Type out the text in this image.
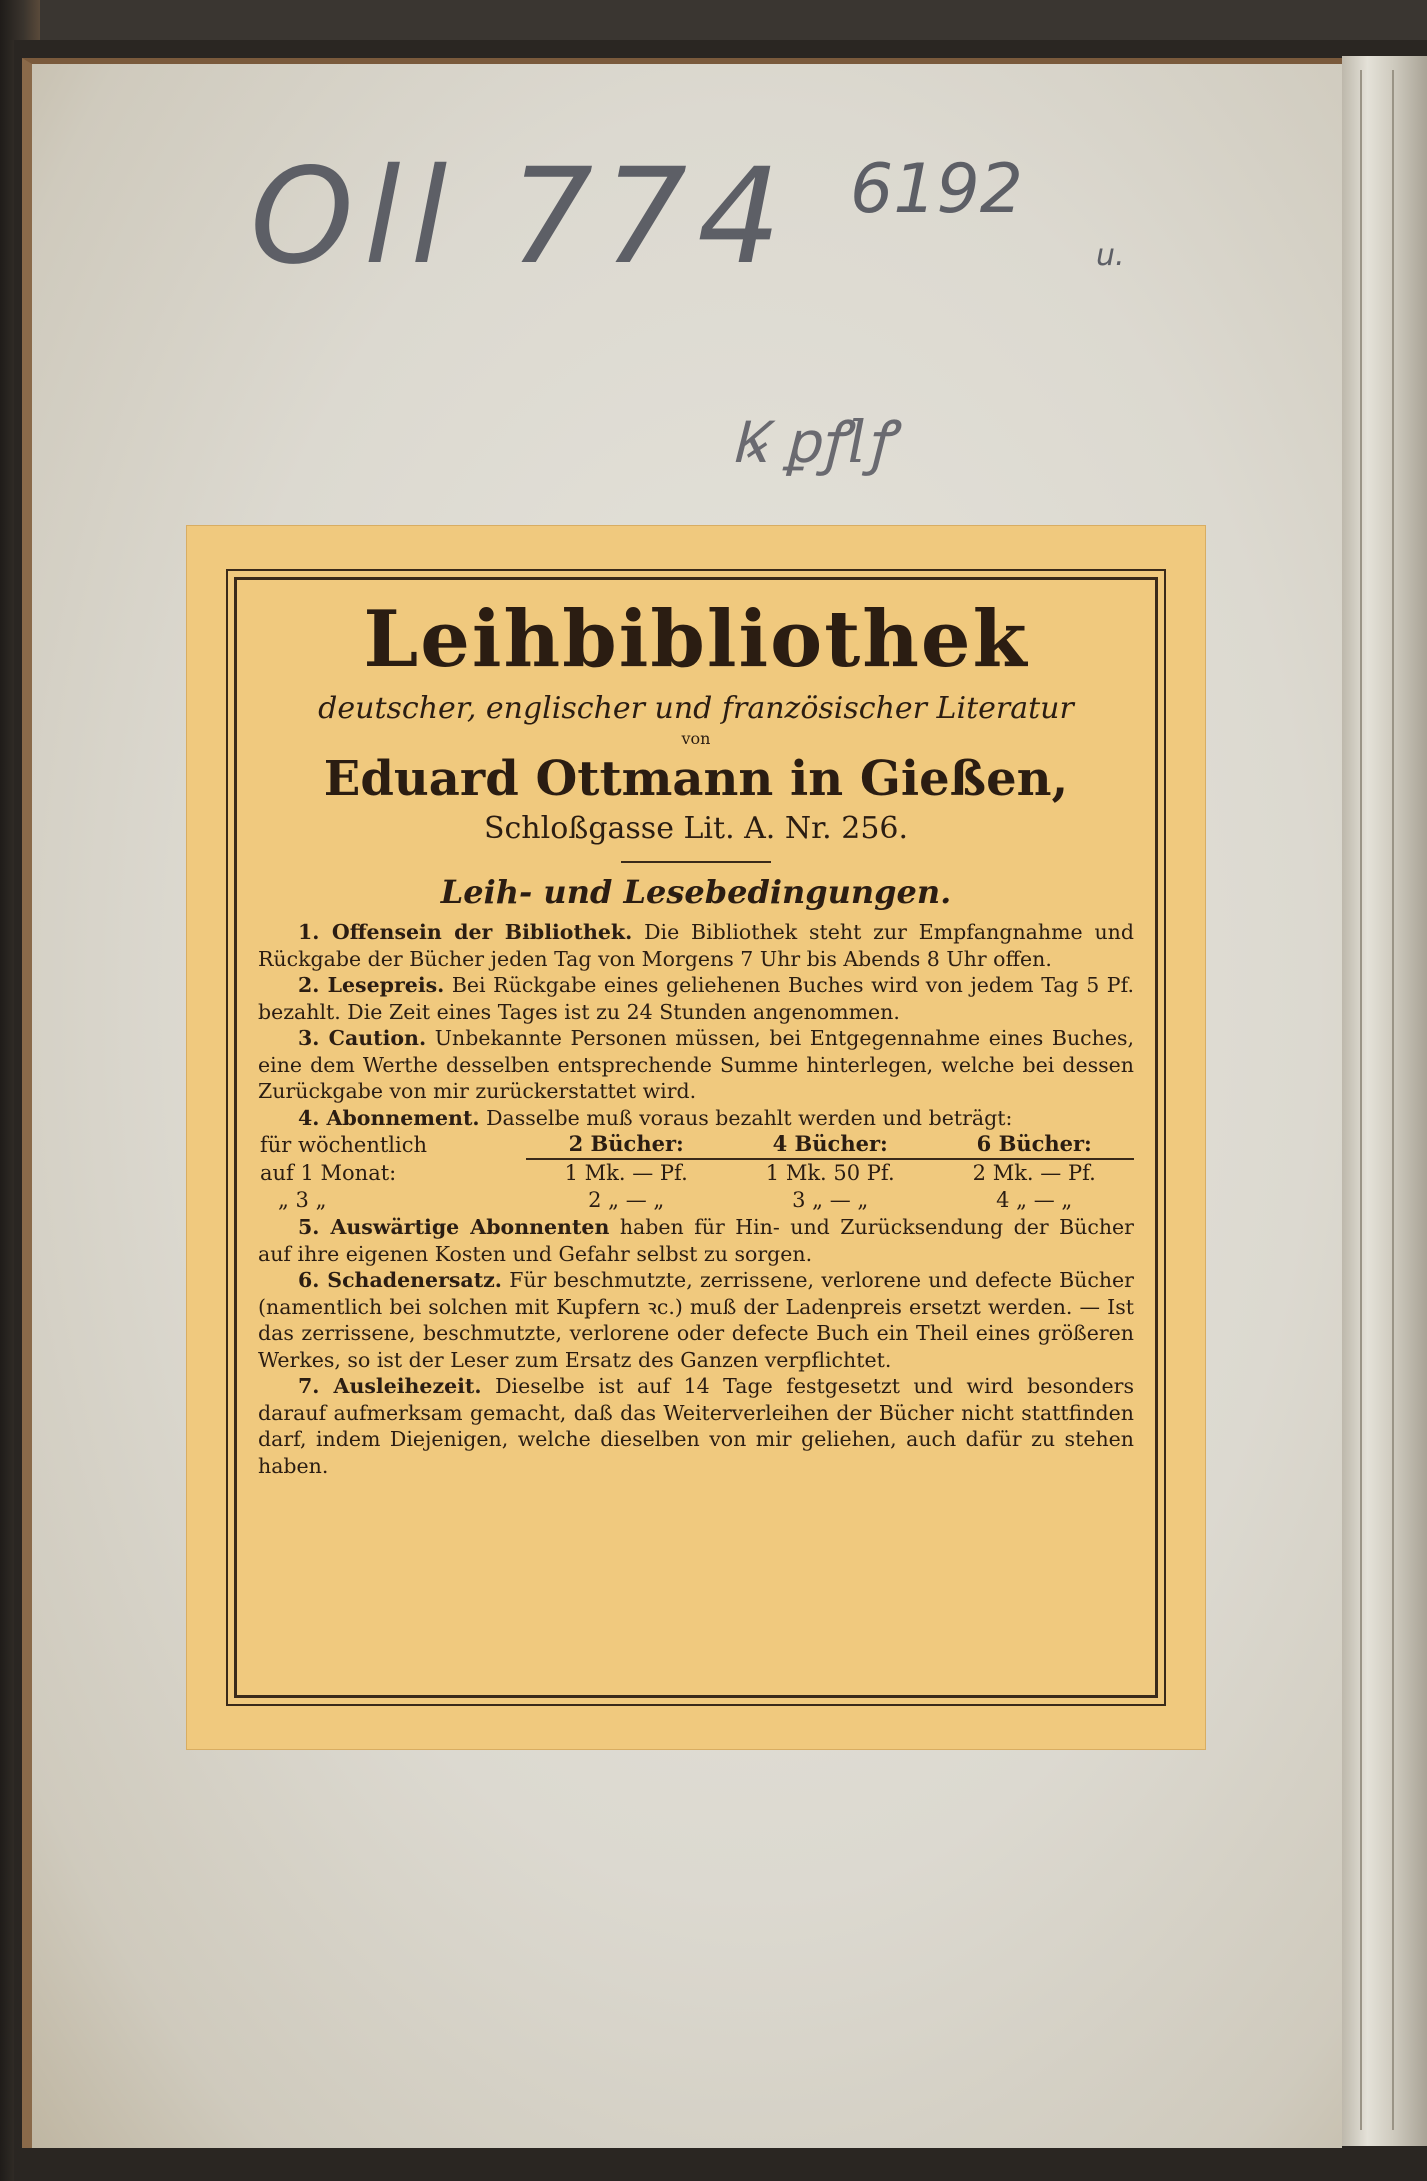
Oll 774 6192
u.
Ꝃ ꝑꝭlꝭ
Leihbibliothek
deutscher, englischer und französischer Literatur
von
Eduard Ottmann in Gießen,
Schloßgasse Lit. A. Nr. 256.
Leih- und Lesebedingungen.

1. Offensein der Bibliothek. Die Bibliothek steht zur Empfangnahme und Rückgabe der Bücher jeden Tag von Morgens 7 Uhr bis Abends 8 Uhr offen.

2. Lesepreis. Bei Rückgabe eines geliehenen Buches wird von jedem Tag 5 Pf. bezahlt. Die Zeit eines Tages ist zu 24 Stunden angenommen.

3. Caution. Unbekannte Personen müssen, bei Entgegennahme eines Buches, eine dem Werthe desselben entsprechende Summe hinterlegen, welche bei dessen Zurückgabe von mir zurückerstattet wird.

4. Abonnement. Dasselbe muß voraus bezahlt werden und beträgt:

für wöchentlich	2 Bücher:	4 Bücher:	6 Bücher:
auf 1 Monat:	1 Mk. — Pf.	1 Mk. 50 Pf.	2 Mk. — Pf.
„ 3 „	2 „ — „	3 „ — „	4 „ — „

5. Auswärtige Abonnenten haben für Hin- und Zurücksendung der Bücher auf ihre eigenen Kosten und Gefahr selbst zu sorgen.

6. Schadenersatz. Für beschmutzte, zerrissene, verlorene und defecte Bücher (namentlich bei solchen mit Kupfern ꝛc.) muß der Ladenpreis ersetzt werden. — Ist das zerrissene, beschmutzte, verlorene oder defecte Buch ein Theil eines größeren Werkes, so ist der Leser zum Ersatz des Ganzen verpflichtet.

7. Ausleihezeit. Dieselbe ist auf 14 Tage festgesetzt und wird besonders darauf aufmerksam gemacht, daß das Weiterverleihen der Bücher nicht stattfinden darf, indem Diejenigen, welche dieselben von mir geliehen, auch dafür zu stehen haben.
